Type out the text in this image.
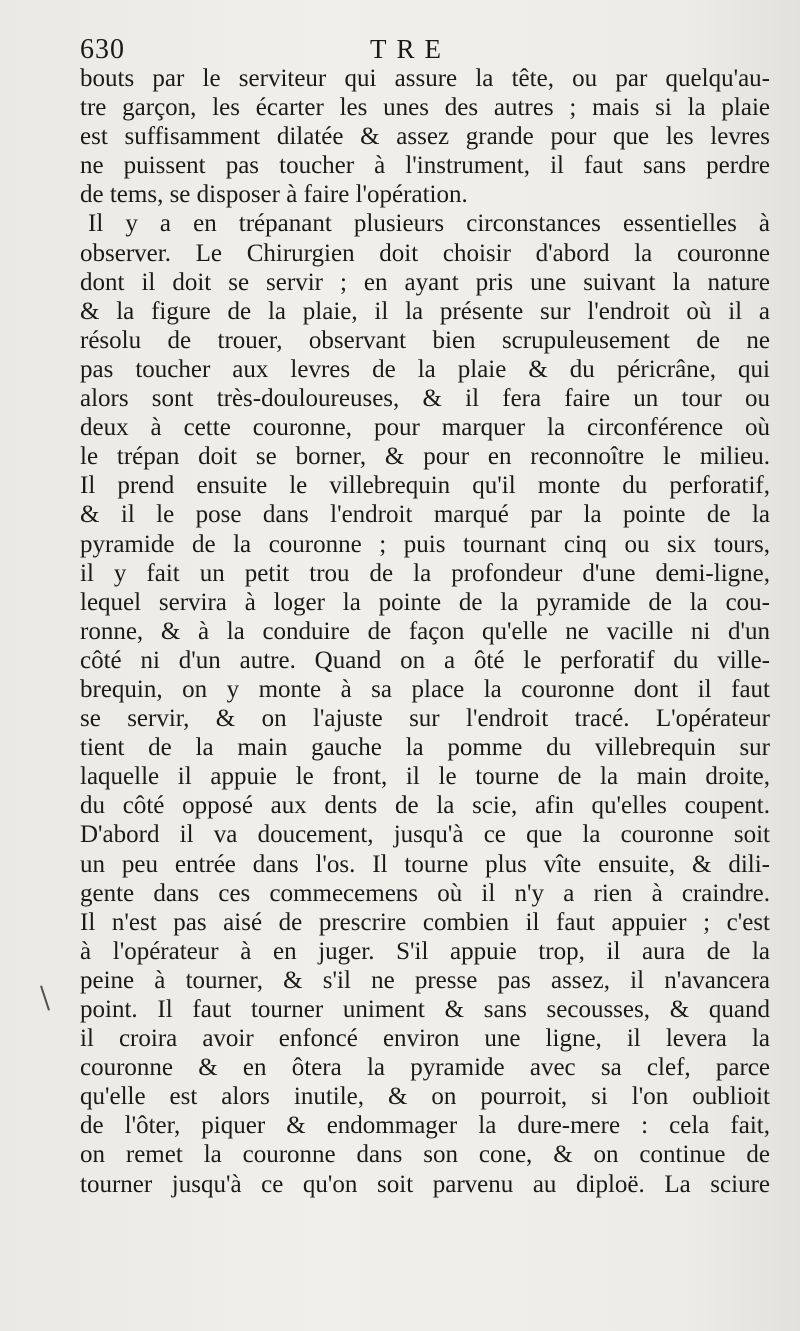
630	TRE
bouts par le serviteur qui assure la tête, ou par quelqu'au-
tre garçon, les écarter les unes des autres ; mais si la plaie
est suffisamment dilatée & assez grande pour que les levres
ne puissent pas toucher à l'instrument, il faut sans perdre
de tems, se disposer à faire l'opération.
Il y a en trépanant plusieurs circonstances essentielles à
observer. Le Chirurgien doit choisir d'abord la couronne
dont il doit se servir ; en ayant pris une suivant la nature
& la figure de la plaie, il la présente sur l'endroit où il a
résolu de trouer, observant bien scrupuleusement de ne
pas toucher aux levres de la plaie & du péricrâne, qui
alors sont très-douloureuses, & il fera faire un tour ou
deux à cette couronne, pour marquer la circonférence où
le trépan doit se borner, & pour en reconnoître le milieu.
Il prend ensuite le villebrequin qu'il monte du perforatif,
& il le pose dans l'endroit marqué par la pointe de la
pyramide de la couronne ; puis tournant cinq ou six tours,
il y fait un petit trou de la profondeur d'une demi-ligne,
lequel servira à loger la pointe de la pyramide de la cou-
ronne, & à la conduire de façon qu'elle ne vacille ni d'un
côté ni d'un autre. Quand on a ôté le perforatif du ville-
brequin, on y monte à sa place la couronne dont il faut
se servir, & on l'ajuste sur l'endroit tracé. L'opérateur
tient de la main gauche la pomme du villebrequin sur
laquelle il appuie le front, il le tourne de la main droite,
du côté opposé aux dents de la scie, afin qu'elles coupent.
D'abord il va doucement, jusqu'à ce que la couronne soit
un peu entrée dans l'os. Il tourne plus vîte ensuite, & dili-
gente dans ces commecemens où il n'y a rien à craindre.
Il n'est pas aisé de prescrire combien il faut appuier ; c'est
à l'opérateur à en juger. S'il appuie trop, il aura de la
peine à tourner, & s'il ne presse pas assez, il n'avancera
point. Il faut tourner uniment & sans secousses, & quand
il croira avoir enfoncé environ une ligne, il levera la
couronne & en ôtera la pyramide avec sa clef, parce
qu'elle est alors inutile, & on pourroit, si l'on oublioit
de l'ôter, piquer & endommager la dure-mere : cela fait,
on remet la couronne dans son cone, & on continue de
tourner jusqu'à ce qu'on soit parvenu au diploë. La sciure
